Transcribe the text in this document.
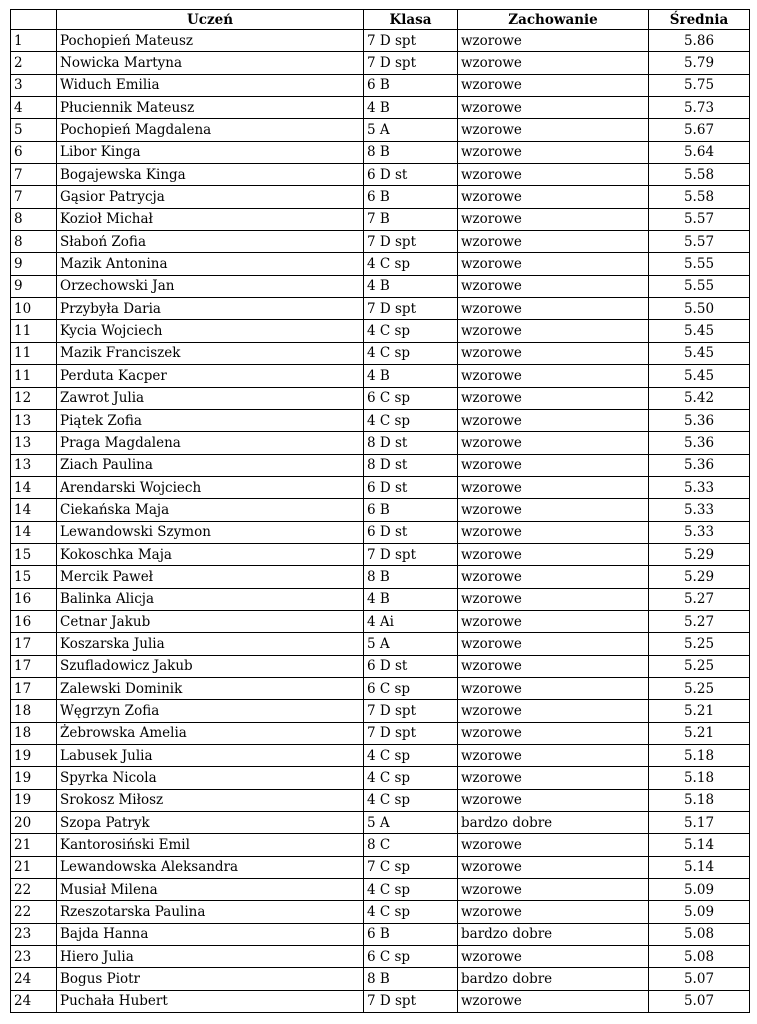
	Uczeń	Klasa	Zachowanie	Średnia
1	Pochopień Mateusz	7 D spt	wzorowe	5.86
2	Nowicka Martyna	7 D spt	wzorowe	5.79
3	Widuch Emilia	6 B	wzorowe	5.75
4	Płuciennik Mateusz	4 B	wzorowe	5.73
5	Pochopień Magdalena	5 A	wzorowe	5.67
6	Libor Kinga	8 B	wzorowe	5.64
7	Bogajewska Kinga	6 D st	wzorowe	5.58
7	Gąsior Patrycja	6 B	wzorowe	5.58
8	Kozioł Michał	7 B	wzorowe	5.57
8	Słaboń Zofia	7 D spt	wzorowe	5.57
9	Mazik Antonina	4 C sp	wzorowe	5.55
9	Orzechowski Jan	4 B	wzorowe	5.55
10	Przybyła Daria	7 D spt	wzorowe	5.50
11	Kycia Wojciech	4 C sp	wzorowe	5.45
11	Mazik Franciszek	4 C sp	wzorowe	5.45
11	Perduta Kacper	4 B	wzorowe	5.45
12	Zawrot Julia	6 C sp	wzorowe	5.42
13	Piątek Zofia	4 C sp	wzorowe	5.36
13	Praga Magdalena	8 D st	wzorowe	5.36
13	Ziach Paulina	8 D st	wzorowe	5.36
14	Arendarski Wojciech	6 D st	wzorowe	5.33
14	Ciekańska Maja	6 B	wzorowe	5.33
14	Lewandowski Szymon	6 D st	wzorowe	5.33
15	Kokoschka Maja	7 D spt	wzorowe	5.29
15	Mercik Paweł	8 B	wzorowe	5.29
16	Balinka Alicja	4 B	wzorowe	5.27
16	Cetnar Jakub	4 Ai	wzorowe	5.27
17	Koszarska Julia	5 A	wzorowe	5.25
17	Szufladowicz Jakub	6 D st	wzorowe	5.25
17	Zalewski Dominik	6 C sp	wzorowe	5.25
18	Węgrzyn Zofia	7 D spt	wzorowe	5.21
18	Żebrowska Amelia	7 D spt	wzorowe	5.21
19	Labusek Julia	4 C sp	wzorowe	5.18
19	Spyrka Nicola	4 C sp	wzorowe	5.18
19	Srokosz Miłosz	4 C sp	wzorowe	5.18
20	Szopa Patryk	5 A	bardzo dobre	5.17
21	Kantorosiński Emil	8 C	wzorowe	5.14
21	Lewandowska Aleksandra	7 C sp	wzorowe	5.14
22	Musiał Milena	4 C sp	wzorowe	5.09
22	Rzeszotarska Paulina	4 C sp	wzorowe	5.09
23	Bajda Hanna	6 B	bardzo dobre	5.08
23	Hiero Julia	6 C sp	wzorowe	5.08
24	Bogus Piotr	8 B	bardzo dobre	5.07
24	Puchała Hubert	7 D spt	wzorowe	5.07
